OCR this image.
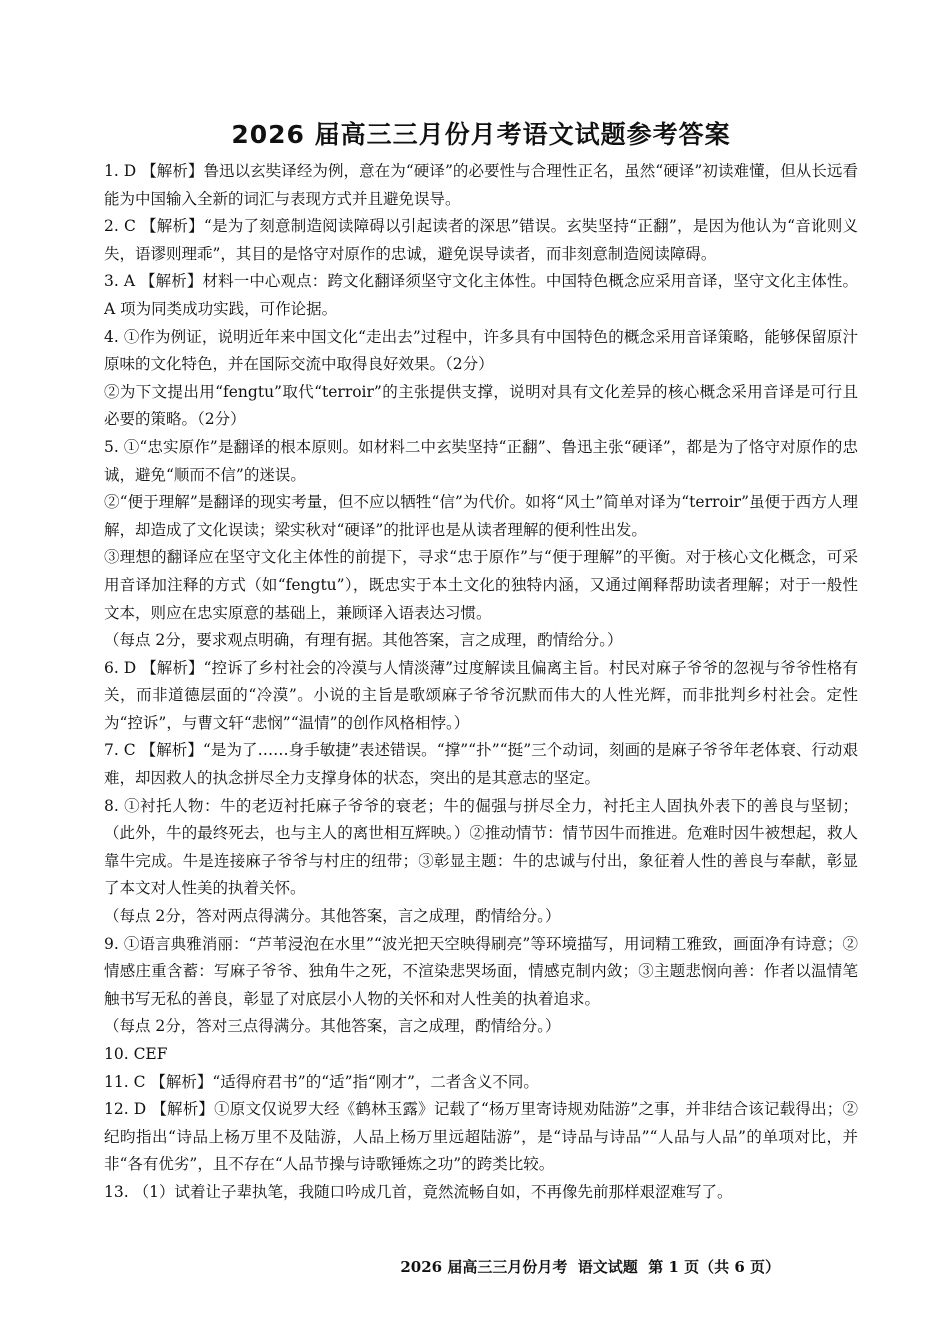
2026 届高三三月份月考语文试题参考答案

1. D 【解析】鲁迅以玄奘译经为例，意在为“硬译”的必要性与合理性正名，虽然“硬译”初读难懂，但从长远看能为中国输入全新的词汇与表现方式并且避免误导。

2. C 【解析】“是为了刻意制造阅读障碍以引起读者的深思”错误。玄奘坚持“正翻”，是因为他认为“音讹则义失，语谬则理乖”，其目的是恪守对原作的忠诚，避免误导读者，而非刻意制造阅读障碍。

3. A 【解析】材料一中心观点：跨文化翻译须坚守文化主体性。中国特色概念应采用音译，坚守文化主体性。A 项为同类成功实践，可作论据。

4. ①作为例证，说明近年来中国文化“走出去”过程中，许多具有中国特色的概念采用音译策略，能够保留原汁原味的文化特色，并在国际交流中取得良好效果。（2分）

②为下文提出用“fengtu”取代“terroir”的主张提供支撑，说明对具有文化差异的核心概念采用音译是可行且必要的策略。（2分）

5. ①“忠实原作”是翻译的根本原则。如材料二中玄奘坚持“正翻”、鲁迅主张“硬译”，都是为了恪守对原作的忠诚，避免“顺而不信”的迷误。

②“便于理解”是翻译的现实考量，但不应以牺牲“信”为代价。如将“风土”简单对译为“terroir”虽便于西方人理解，却造成了文化误读；梁实秋对“硬译”的批评也是从读者理解的便利性出发。

③理想的翻译应在坚守文化主体性的前提下，寻求“忠于原作”与“便于理解”的平衡。对于核心文化概念，可采用音译加注释的方式（如“fengtu”），既忠实于本土文化的独特内涵，又通过阐释帮助读者理解；对于一般性文本，则应在忠实原意的基础上，兼顾译入语表达习惯。

（每点 2分，要求观点明确，有理有据。其他答案，言之成理，酌情给分。）

6. D 【解析】“控诉了乡村社会的冷漠与人情淡薄”过度解读且偏离主旨。村民对麻子爷爷的忽视与爷爷性格有关，而非道德层面的“冷漠”。小说的主旨是歌颂麻子爷爷沉默而伟大的人性光辉，而非批判乡村社会。定性为“控诉”，与曹文轩“悲悯”“温情”的创作风格相悖。）

7. C 【解析】“是为了……身手敏捷”表述错误。“撑”“扑”“挺”三个动词，刻画的是麻子爷爷年老体衰、行动艰难，却因救人的执念拼尽全力支撑身体的状态，突出的是其意志的坚定。

8. ①衬托人物：牛的老迈衬托麻子爷爷的衰老；牛的倔强与拼尽全力，衬托主人固执外表下的善良与坚韧；（此外，牛的最终死去，也与主人的离世相互辉映。）②推动情节：情节因牛而推进。危难时因牛被想起，救人靠牛完成。牛是连接麻子爷爷与村庄的纽带；③彰显主题：牛的忠诚与付出，象征着人性的善良与奉献，彰显了本文对人性美的执着关怀。

（每点 2分，答对两点得满分。其他答案，言之成理，酌情给分。）

9. ①语言典雅消丽：“芦苇浸泡在水里”“波光把天空映得刷亮”等环境描写，用词精工雅致，画面净有诗意；②情感庄重含蓄：写麻子爷爷、独角牛之死，不渲染悲哭场面，情感克制内敛；③主题悲悯向善：作者以温情笔触书写无私的善良，彰显了对底层小人物的关怀和对人性美的执着追求。

（每点 2分，答对三点得满分。其他答案，言之成理，酌情给分。）

10. CEF

11. C 【解析】“适得府君书”的“适”指“刚才”，二者含义不同。

12. D 【解析】①原文仅说罗大经《鹤林玉露》记载了“杨万里寄诗规劝陆游”之事，并非结合该记载得出；②纪昀指出“诗品上杨万里不及陆游，人品上杨万里远超陆游”，是“诗品与诗品”“人品与人品”的单项对比，并非“各有优劣”，且不存在“人品节操与诗歌锤炼之功”的跨类比较。

13. （1）试着让子辈执笔，我随口吟成几首，竟然流畅自如，不再像先前那样艰涩难写了。

2026 届高三三月份月考  语文试题  第 1 页（共 6 页）
